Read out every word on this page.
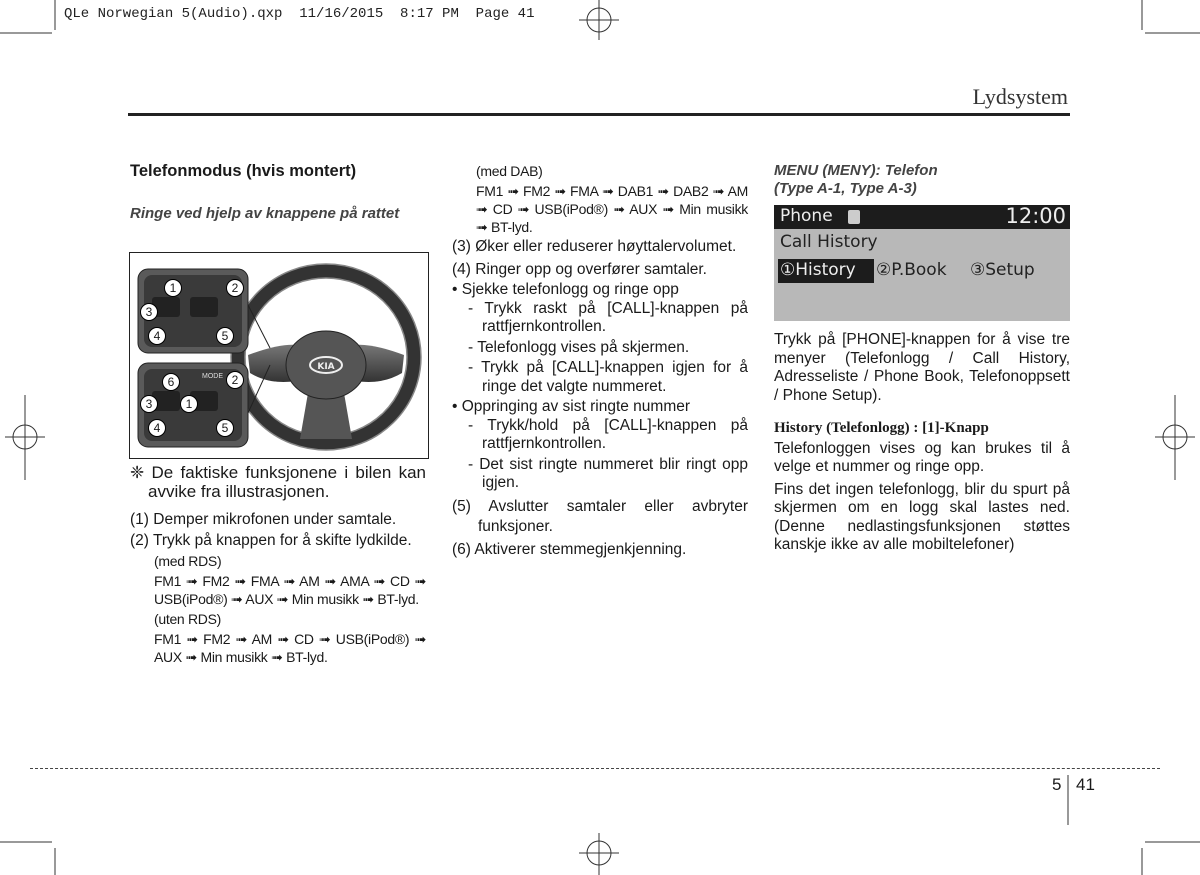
QLe Norwegian 5(Audio).qxp  11/16/2015  8:17 PM  Page 41
Lydsystem
Telefonmodus (hvis montert)

Ringe ved hjelp av knappene på rattet

KIA
MODE
1	2
3
4	5
6	2
3	1
4	5

❈ De faktiske funksjonene i bilen kan avvike fra illustrasjonen.

(1) Demper mikrofonen under samtale.

(2) Trykk på knappen for å skifte lydkilde.

(med RDS)

FM1 ➟ FM2 ➟ FMA ➟ AM ➟ AMA ➟ CD ➟ USB(iPod®) ➟ AUX ➟ Min musikk ➟ BT-lyd.

(uten RDS)

FM1 ➟ FM2 ➟ AM ➟ CD ➟ USB(iPod®) ➟ AUX ➟ Min musikk ➟ BT-lyd.

(med DAB)

FM1 ➟ FM2 ➟ FMA ➟ DAB1 ➟ DAB2 ➟ AM ➟ CD ➟ USB(iPod®) ➟ AUX ➟ Min musikk ➟ BT-lyd.

(3) Øker eller reduserer høyttalervolumet.

(4) Ringer opp og overfører samtaler.

• Sjekke telefonlogg og ringe opp

- Trykk raskt på [CALL]-knappen på rattfjernkontrollen.

- Telefonlogg vises på skjermen.

- Trykk på [CALL]-knappen igjen for å ringe det valgte nummeret.

• Oppringing av sist ringte nummer

- Trykk/hold på [CALL]-knappen på rattfjernkontrollen.

- Det sist ringte nummeret blir ringt opp igjen.

(5) Avslutter samtaler eller avbryter funksjoner.

(6) Aktiverer stemmegjenkjenning.

MENU (MENY): Telefon

(Type A-1, Type A-3)

Phone	12:00
Call History
①History ②P.Book ③Setup

Trykk på [PHONE]-knappen for å vise tre menyer (Telefonlogg / Call History, Adresseliste / Phone Book, Telefonoppsett / Phone Setup).

History (Telefonlogg) : [1]-Knapp

Telefonloggen vises og kan brukes til å velge et nummer og ringe opp.

Fins det ingen telefonlogg, blir du spurt på skjermen om en logg skal lastes ned. (Denne nedlastingsfunksjonen støttes kanskje ikke av alle mobiltelefoner)

5 41
